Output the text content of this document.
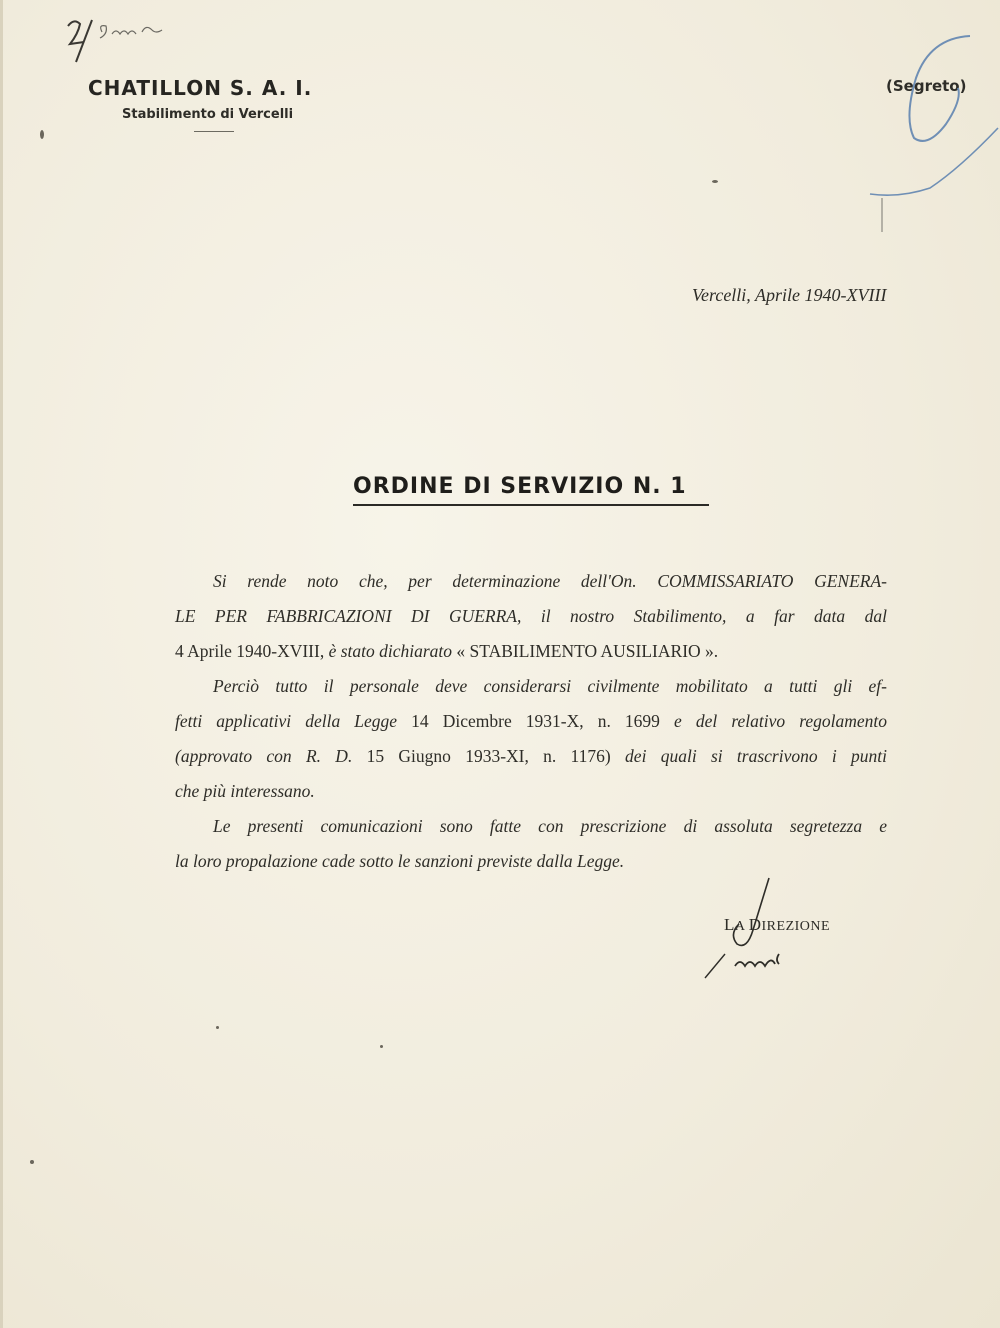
CHATILLON S. A. I.
Stabilimento di Vercelli
(Segreto)
Vercelli, Aprile 1940-XVIII
ORDINE DI SERVIZIO N. 1
Si rende noto che, per determinazione dell'On. COMMISSARIATO GENERA-
LE PER FABBRICAZIONI DI GUERRA, il nostro Stabilimento, a far data dal
4 Aprile 1940-XVIII, è stato dichiarato « STABILIMENTO AUSILIARIO ».
Perciò tutto il personale deve considerarsi civilmente mobilitato a tutti gli ef-
fetti applicativi della Legge 14 Dicembre 1931-X, n. 1699 e del relativo regolamento
(approvato con R. D. 15 Giugno 1933-XI, n. 1176) dei quali si trascrivono i punti
che più interessano.
Le presenti comunicazioni sono fatte con prescrizione di assoluta segretezza e
la loro propalazione cade sotto le sanzioni previste dalla Legge.
LA DIREZIONE
